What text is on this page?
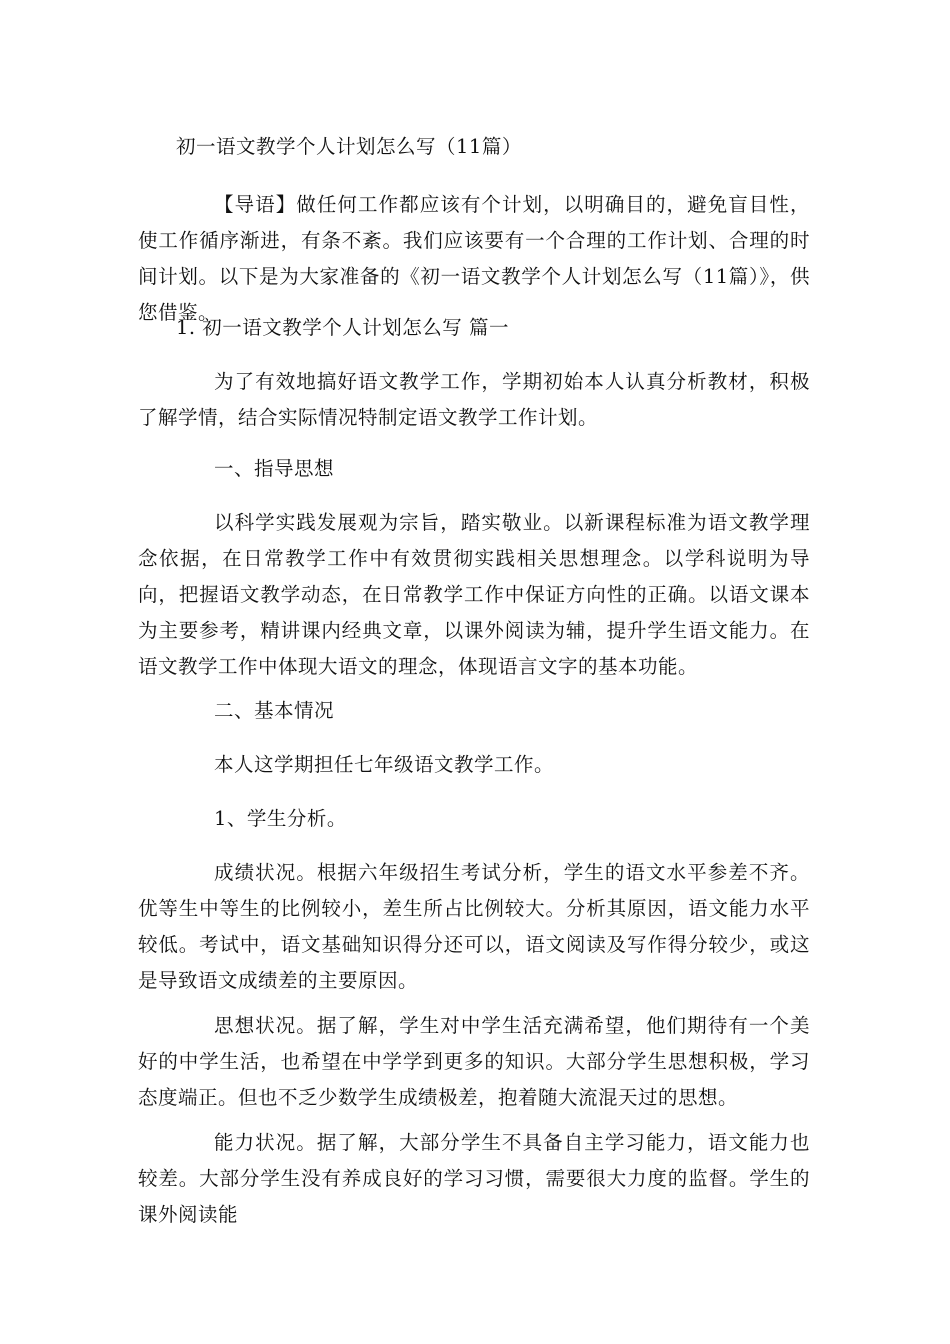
初一语文教学个人计划怎么写（11篇）

【导语】做任何工作都应该有个计划，以明确目的，避免盲目性，使工作循序渐进，有条不紊。我们应该要有一个合理的工作计划、合理的时间计划。以下是为大家准备的《初一语文教学个人计划怎么写（11篇）》，供您借鉴。

1. 初一语文教学个人计划怎么写 篇一

为了有效地搞好语文教学工作，学期初始本人认真分析教材，积极了解学情，结合实际情况特制定语文教学工作计划。

一、指导思想

以科学实践发展观为宗旨，踏实敬业。以新课程标准为语文教学理念依据，在日常教学工作中有效贯彻实践相关思想理念。以学科说明为导向，把握语文教学动态，在日常教学工作中保证方向性的正确。以语文课本为主要参考，精讲课内经典文章，以课外阅读为辅，提升学生语文能力。在语文教学工作中体现大语文的理念，体现语言文字的基本功能。

二、基本情况

本人这学期担任七年级语文教学工作。

1、学生分析。

成绩状况。根据六年级招生考试分析，学生的语文水平参差不齐。优等生中等生的比例较小，差生所占比例较大。分析其原因，语文能力水平较低。考试中，语文基础知识得分还可以，语文阅读及写作得分较少，或这是导致语文成绩差的主要原因。

思想状况。据了解，学生对中学生活充满希望，他们期待有一个美好的中学生活，也希望在中学学到更多的知识。大部分学生思想积极，学习态度端正。但也不乏少数学生成绩极差，抱着随大流混天过的思想。

能力状况。据了解，大部分学生不具备自主学习能力，语文能力也较差。大部分学生没有养成良好的学习习惯，需要很大力度的监督。学生的课外阅读能
